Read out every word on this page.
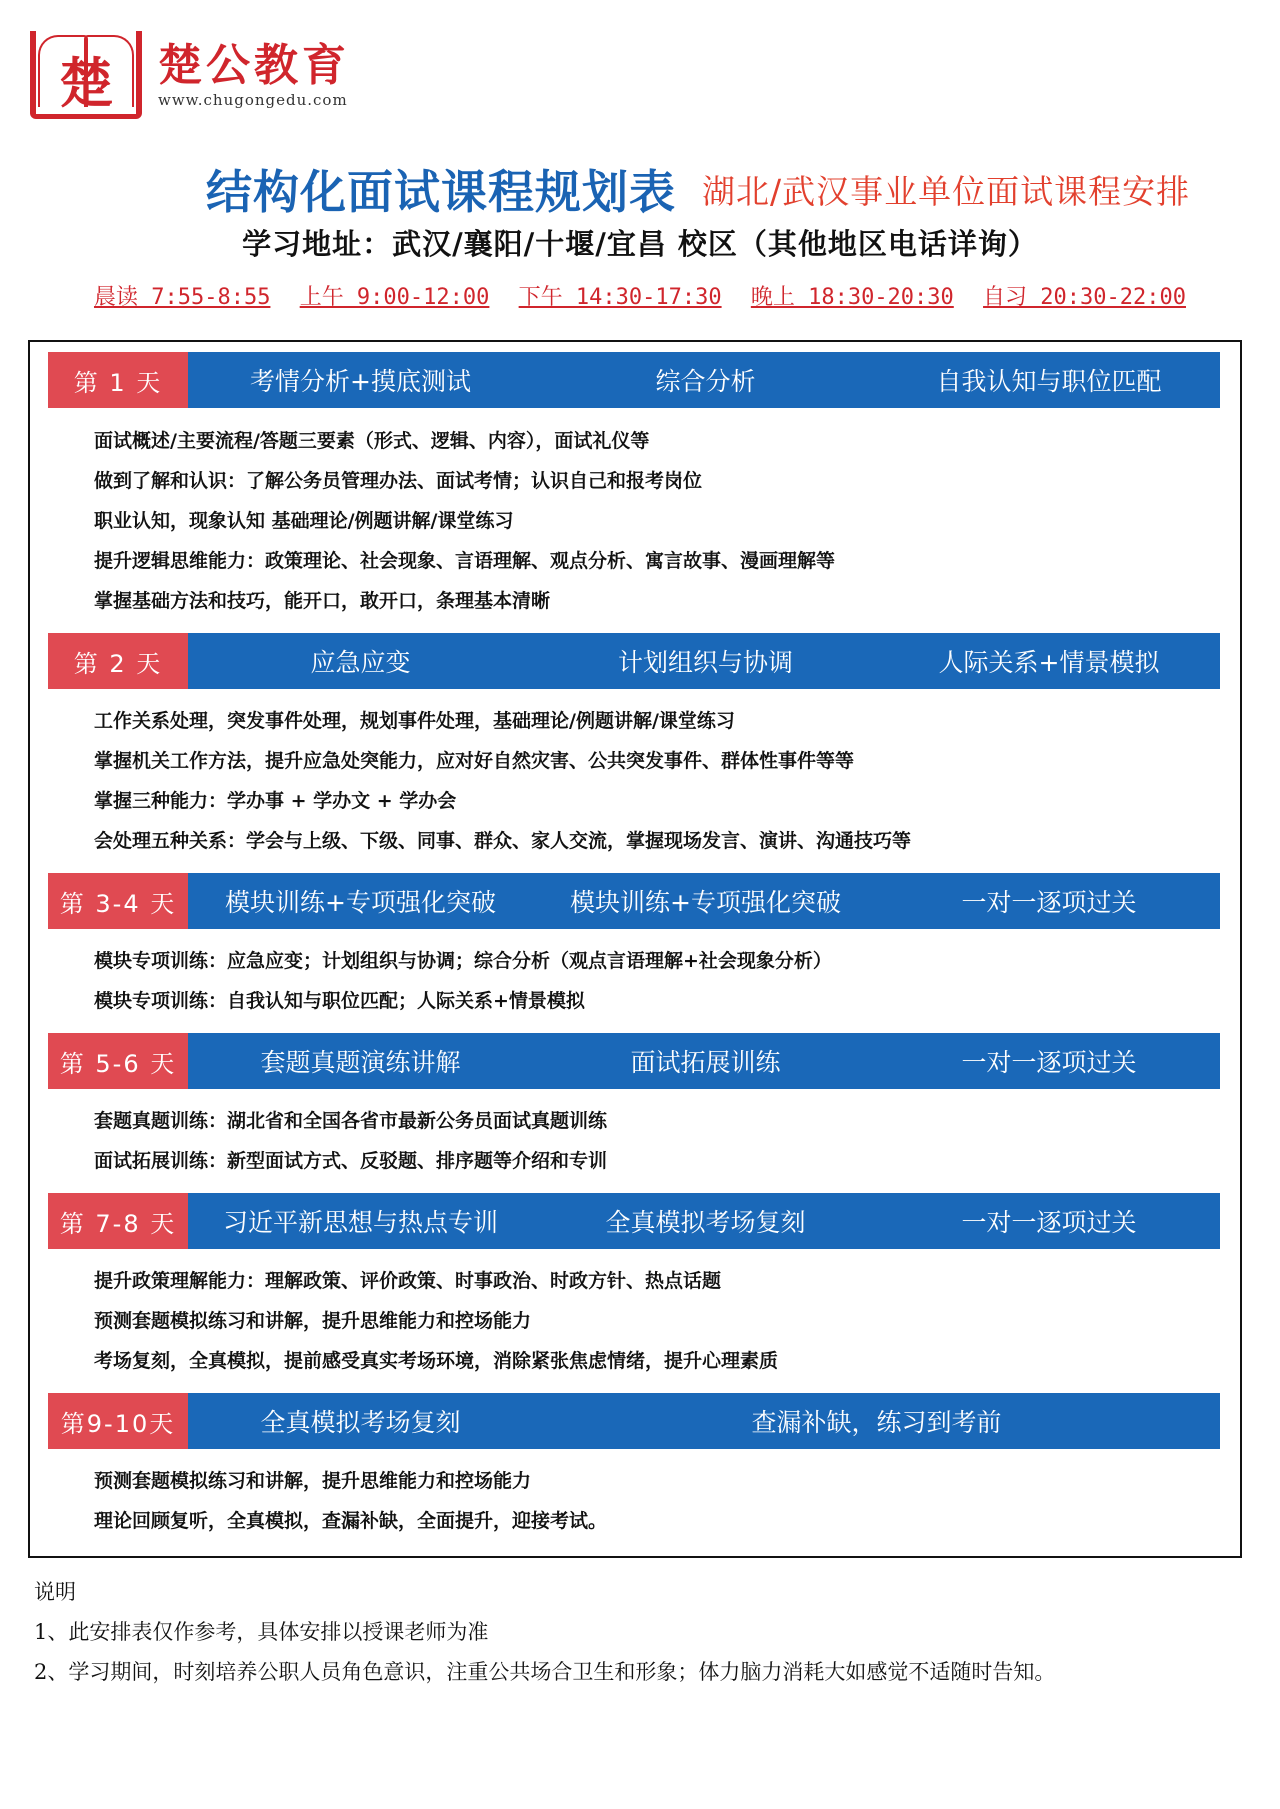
楚	楚公教育
www.chugongedu.com
结构化面试课程规划表 湖北/武汉事业单位面试课程安排
学习地址：武汉/襄阳/十堰/宜昌 校区（其他地区电话详询）
晨读 7:55-8:55 上午 9:00-12:00 下午 14:30-17:30 晚上 18:30-20:30 自习 20:30-22:00
第 1 天	考情分析+摸底测试	综合分析	自我认知与职位匹配
面试概述/主要流程/答题三要素（形式、逻辑、内容），面试礼仪等
做到了解和认识：了解公务员管理办法、面试考情；认识自己和报考岗位
职业认知，现象认知 基础理论/例题讲解/课堂练习
提升逻辑思维能力：政策理论、社会现象、言语理解、观点分析、寓言故事、漫画理解等
掌握基础方法和技巧，能开口，敢开口，条理基本清晰
第 2 天	应急应变	计划组织与协调	人际关系+情景模拟
工作关系处理，突发事件处理，规划事件处理，基础理论/例题讲解/课堂练习
掌握机关工作方法，提升应急处突能力，应对好自然灾害、公共突发事件、群体性事件等等
掌握三种能力：学办事 + 学办文 + 学办会
会处理五种关系：学会与上级、下级、同事、群众、家人交流，掌握现场发言、演讲、沟通技巧等
第 3-4 天	模块训练+专项强化突破	模块训练+专项强化突破	一对一逐项过关
模块专项训练：应急应变；计划组织与协调；综合分析（观点言语理解+社会现象分析）
模块专项训练：自我认知与职位匹配；人际关系+情景模拟
第 5-6 天	套题真题演练讲解	面试拓展训练	一对一逐项过关
套题真题训练：湖北省和全国各省市最新公务员面试真题训练
面试拓展训练：新型面试方式、反驳题、排序题等介绍和专训
第 7-8 天	习近平新思想与热点专训	全真模拟考场复刻	一对一逐项过关
提升政策理解能力：理解政策、评价政策、时事政治、时政方针、热点话题
预测套题模拟练习和讲解，提升思维能力和控场能力
考场复刻，全真模拟，提前感受真实考场环境，消除紧张焦虑情绪，提升心理素质
第9-10天	全真模拟考场复刻	查漏补缺，练习到考前
预测套题模拟练习和讲解，提升思维能力和控场能力
理论回顾复听，全真模拟，查漏补缺，全面提升，迎接考试。
说明
1、此安排表仅作参考，具体安排以授课老师为准
2、学习期间，时刻培养公职人员角色意识，注重公共场合卫生和形象；体力脑力消耗大如感觉不适随时告知。
